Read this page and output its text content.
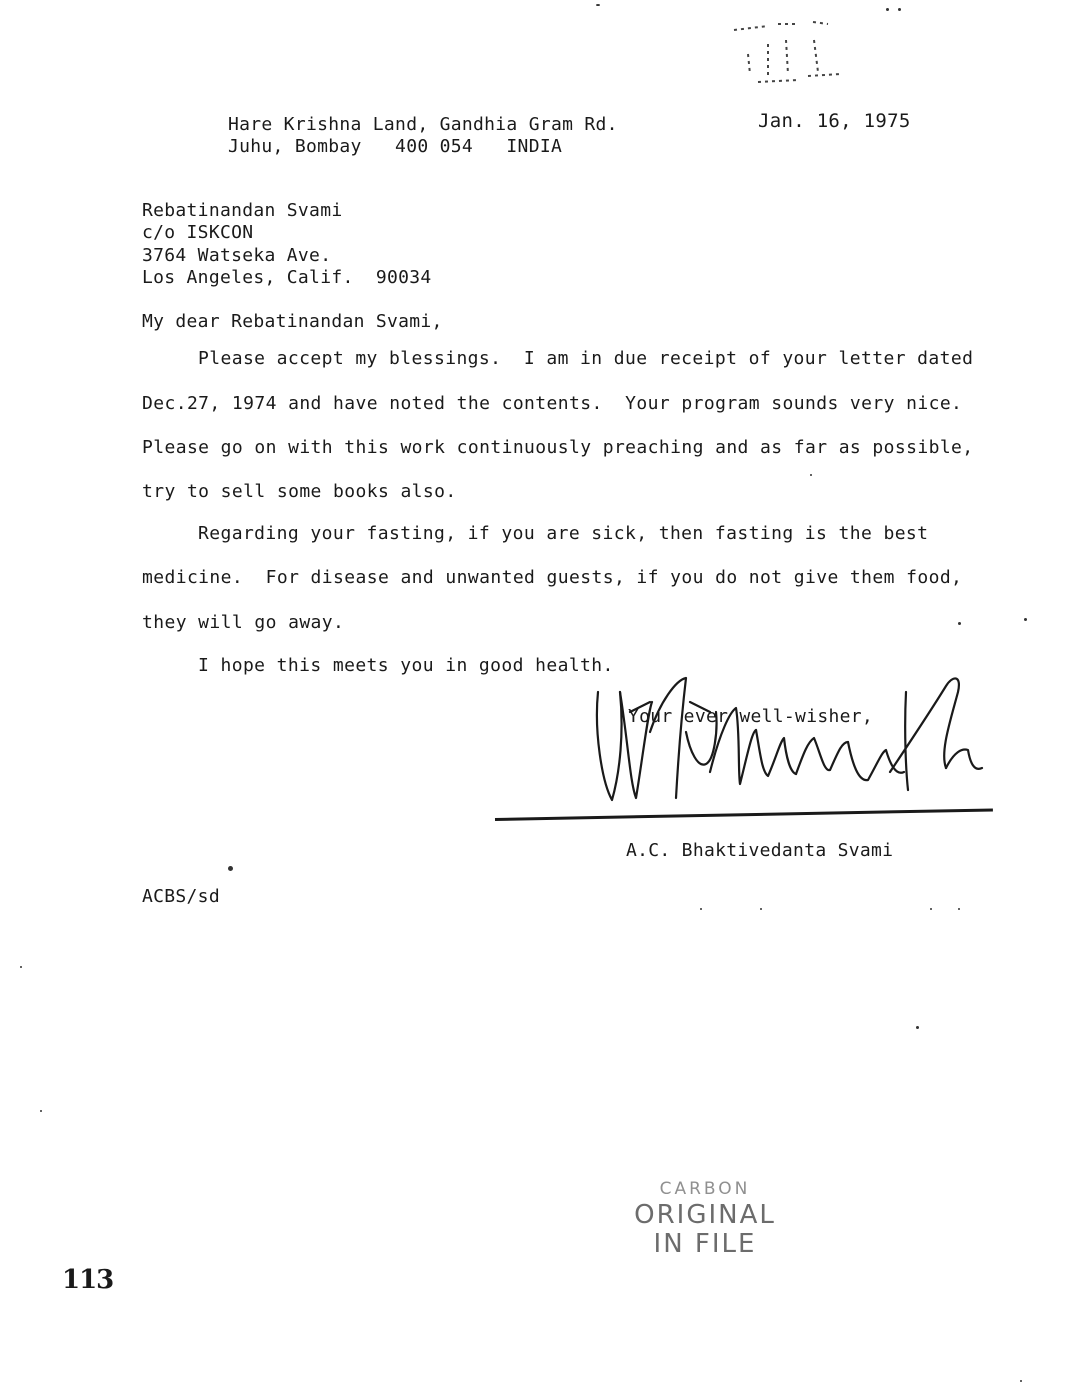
Hare Krishna Land, Gandhia Gram Rd.
Juhu, Bombay   400 054   INDIA
Jan. 16, 1975
Rebatinandan Svami
c/o ISKCON
3764 Watseka Ave.
Los Angeles, Calif.  90034
My dear Rebatinandan Svami,
Please accept my blessings.  I am in due receipt of your letter dated
Dec.27, 1974 and have noted the contents.  Your program sounds very nice.
Please go on with this work continuously preaching and as far as possible,
try to sell some books also.
Regarding your fasting, if you are sick, then fasting is the best
medicine.  For disease and unwanted guests, if you do not give them food,
they will go away.
I hope this meets you in good health.
Your ever well-wisher,
A.C. Bhaktivedanta Svami
ACBS/sd
CARBON
ORIGINAL
IN FILE
113
